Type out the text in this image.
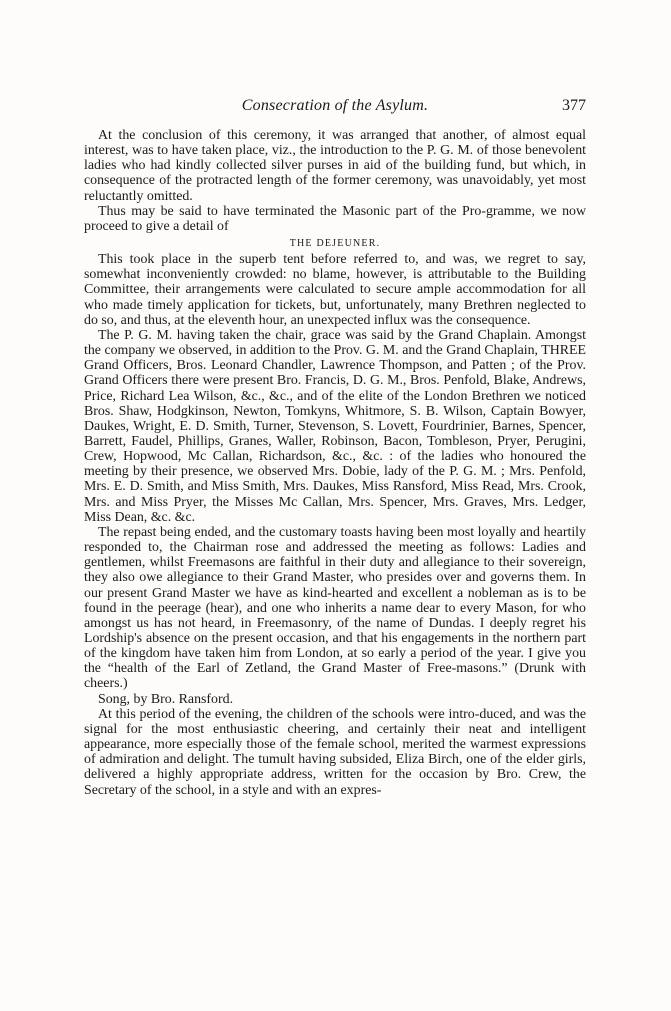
Consecration of the Asylum.	377

At the conclusion of this ceremony, it was arranged that another, of almost equal interest, was to have taken place, viz., the introduction to the P. G. M. of those benevolent ladies who had kindly collected silver purses in aid of the building fund, but which, in consequence of the protracted length of the former ceremony, was unavoidably, yet most reluctantly omitted.

Thus may be said to have terminated the Masonic part of the Pro-gramme, we now proceed to give a detail of

THE DEJEUNER.

This took place in the superb tent before referred to, and was, we regret to say, somewhat inconveniently crowded: no blame, however, is attributable to the Building Committee, their arrangements were calculated to secure ample accommodation for all who made timely application for tickets, but, unfortunately, many Brethren neglected to do so, and thus, at the eleventh hour, an unexpected influx was the consequence.

The P. G. M. having taken the chair, grace was said by the Grand Chaplain. Amongst the company we observed, in addition to the Prov. G. M. and the Grand Chaplain, THREE Grand Officers, Bros. Leonard Chandler, Lawrence Thompson, and Patten ; of the Prov. Grand Officers there were present Bro. Francis, D. G. M., Bros. Penfold, Blake, Andrews, Price, Richard Lea Wilson, &c., &c., and of the elite of the London Brethren we noticed Bros. Shaw, Hodgkinson, Newton, Tomkyns, Whitmore, S. B. Wilson, Captain Bowyer, Daukes, Wright, E. D. Smith, Turner, Stevenson, S. Lovett, Fourdrinier, Barnes, Spencer, Barrett, Faudel, Phillips, Granes, Waller, Robinson, Bacon, Tombleson, Pryer, Perugini, Crew, Hopwood, Mc Callan, Richardson, &c., &c. : of the ladies who honoured the meeting by their presence, we observed Mrs. Dobie, lady of the P. G. M. ; Mrs. Penfold, Mrs. E. D. Smith, and Miss Smith, Mrs. Daukes, Miss Ransford, Miss Read, Mrs. Crook, Mrs. and Miss Pryer, the Misses Mc Callan, Mrs. Spencer, Mrs. Graves, Mrs. Ledger, Miss Dean, &c. &c.

The repast being ended, and the customary toasts having been most loyally and heartily responded to, the Chairman rose and addressed the meeting as follows: Ladies and gentlemen, whilst Freemasons are faithful in their duty and allegiance to their sovereign, they also owe allegiance to their Grand Master, who presides over and governs them. In our present Grand Master we have as kind-hearted and excellent a nobleman as is to be found in the peerage (hear), and one who inherits a name dear to every Mason, for who amongst us has not heard, in Freemasonry, of the name of Dundas. I deeply regret his Lordship's absence on the present occasion, and that his engagements in the northern part of the kingdom have taken him from London, at so early a period of the year. I give you the “health of the Earl of Zetland, the Grand Master of Free-masons.” (Drunk with cheers.)

Song, by Bro. Ransford.

At this period of the evening, the children of the schools were intro-duced, and was the signal for the most enthusiastic cheering, and certainly their neat and intelligent appearance, more especially those of the female school, merited the warmest expressions of admiration and delight. The tumult having subsided, Eliza Birch, one of the elder girls, delivered a highly appropriate address, written for the occasion by Bro. Crew, the Secretary of the school, in a style and with an expres-
